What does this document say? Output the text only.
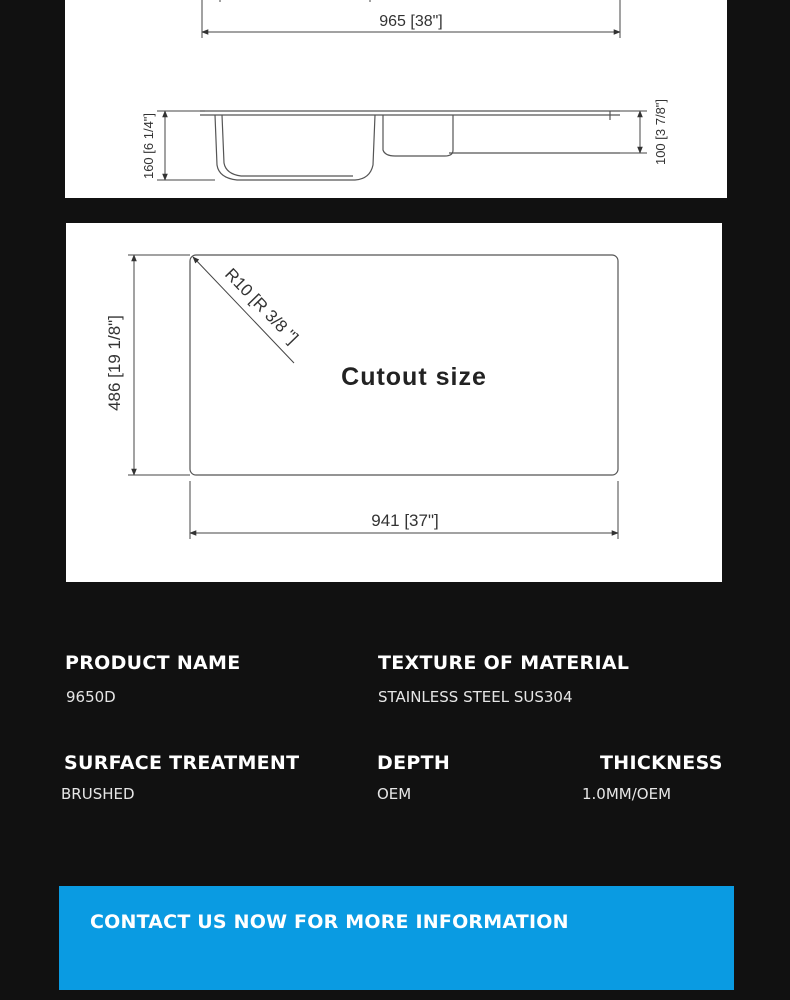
965 [38"]
160 [6 1/4"]	100 [3 7/8"]
R10 [R 3/8 "]
Cutout size
486 [19 1/8"]
941 [37"]
PRODUCT NAME
9650D
TEXTURE OF MATERIAL
STAINLESS STEEL SUS304
SURFACE TREATMENT
BRUSHED
DEPTH
OEM
THICKNESS
1.0MM/OEM
CONTACT US NOW FOR MORE INFORMATION
